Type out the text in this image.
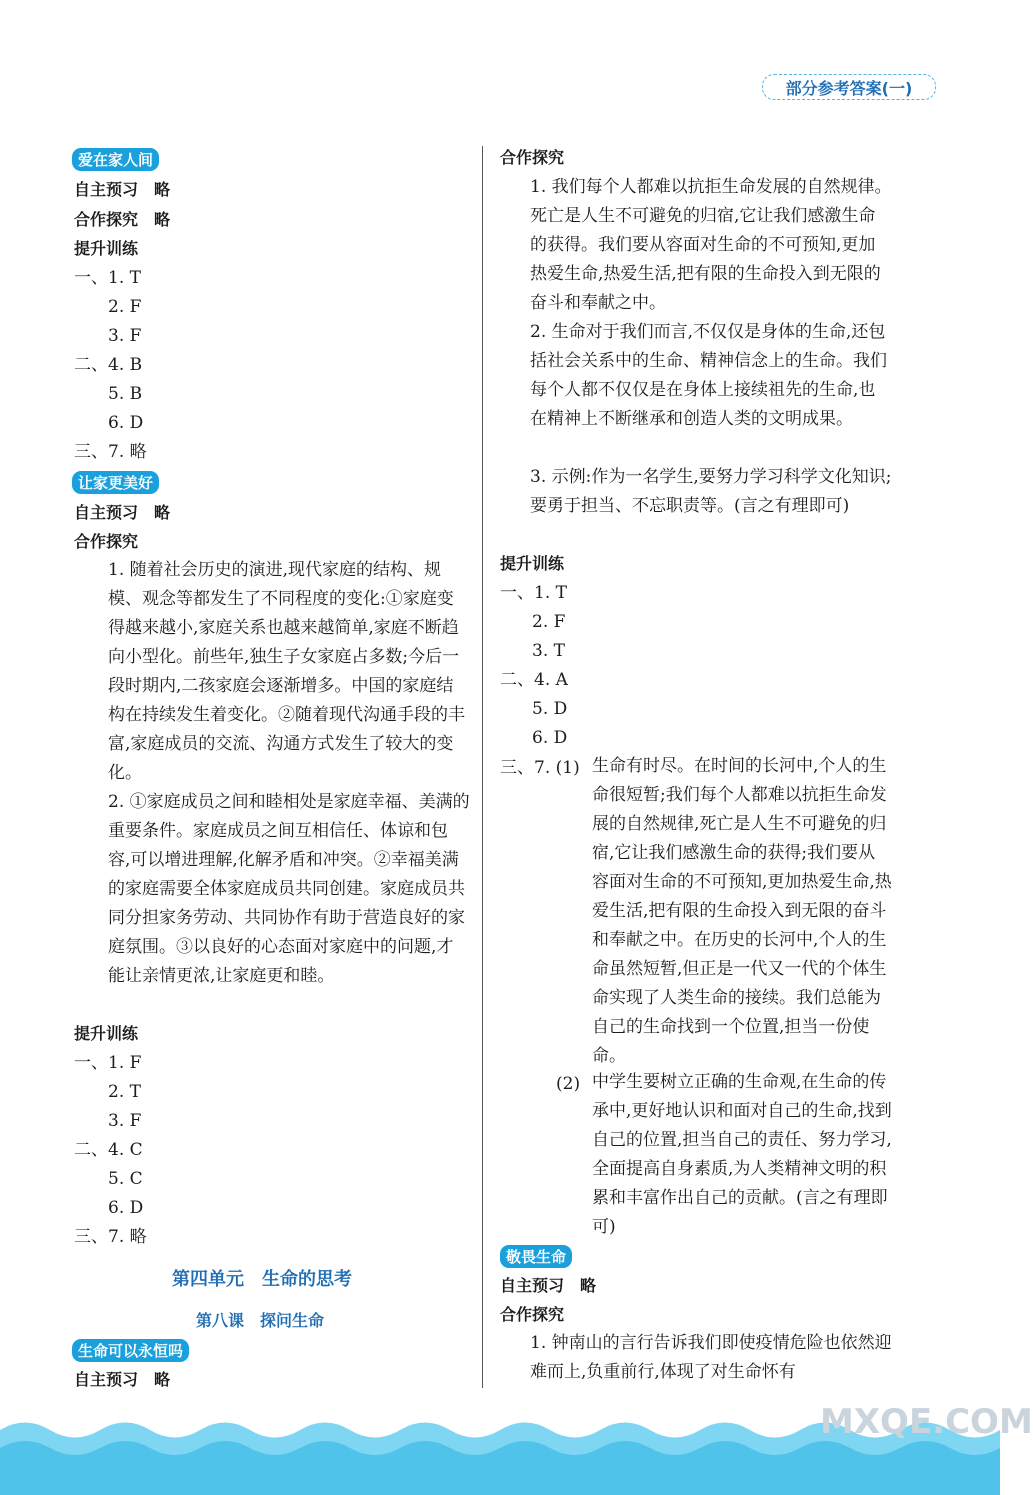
部分参考答案(一)
爱在家人间
自主预习　略
合作探究　略
提升训练
一、1. T
2. F
3. F
二、4. B
5. B
6. D
三、7. 略
让家更美好
自主预习　略
合作探究
1. 随着社会历史的演进,现代家庭的结构、规模、观念等都发生了不同程度的变化:①家庭变得越来越小,家庭关系也越来越简单,家庭不断趋向小型化。前些年,独生子女家庭占多数;今后一段时期内,二孩家庭会逐渐增多。中国的家庭结构在持续发生着变化。②随着现代沟通手段的丰富,家庭成员的交流、沟通方式发生了较大的变化。
2. ①家庭成员之间和睦相处是家庭幸福、美满的重要条件。家庭成员之间互相信任、体谅和包容,可以增进理解,化解矛盾和冲突。②幸福美满的家庭需要全体家庭成员共同创建。家庭成员共同分担家务劳动、共同协作有助于营造良好的家庭氛围。③以良好的心态面对家庭中的问题,才能让亲情更浓,让家庭更和睦。
提升训练
一、1. F
2. T
3. F
二、4. C
5. C
6. D
三、7. 略
第四单元　生命的思考
第八课　探问生命
生命可以永恒吗
自主预习　略
合作探究
1. 我们每个人都难以抗拒生命发展的自然规律。死亡是人生不可避免的归宿,它让我们感激生命的获得。我们要从容面对生命的不可预知,更加热爱生命,热爱生活,把有限的生命投入到无限的奋斗和奉献之中。
2. 生命对于我们而言,不仅仅是身体的生命,还包括社会关系中的生命、精神信念上的生命。我们每个人都不仅仅是在身体上接续祖先的生命,也在精神上不断继承和创造人类的文明成果。
3. 示例:作为一名学生,要努力学习科学文化知识;要勇于担当、不忘职责等。(言之有理即可)
提升训练
一、1. T
2. F
3. T
二、4. A
5. D
6. D
三、7. (1) 生命有时尽。在时间的长河中,个人的生命很短暂;我们每个人都难以抗拒生命发展的自然规律,死亡是人生不可避免的归宿,它让我们感激生命的获得;我们要从容面对生命的不可预知,更加热爱生命,热爱生活,把有限的生命投入到无限的奋斗和奉献之中。在历史的长河中,个人的生命虽然短暂,但正是一代又一代的个体生命实现了人类生命的接续。我们总能为自己的生命找到一个位置,担当一份使命。
(2) 中学生要树立正确的生命观,在生命的传承中,更好地认识和面对自己的生命,找到自己的位置,担当自己的责任、努力学习,全面提高自身素质,为人类精神文明的积累和丰富作出自己的贡献。(言之有理即可)
敬畏生命
自主预习　略
合作探究
1. 钟南山的言行告诉我们即使疫情危险也依然迎难而上,负重前行,体现了对生命怀有
MXQE.COM
